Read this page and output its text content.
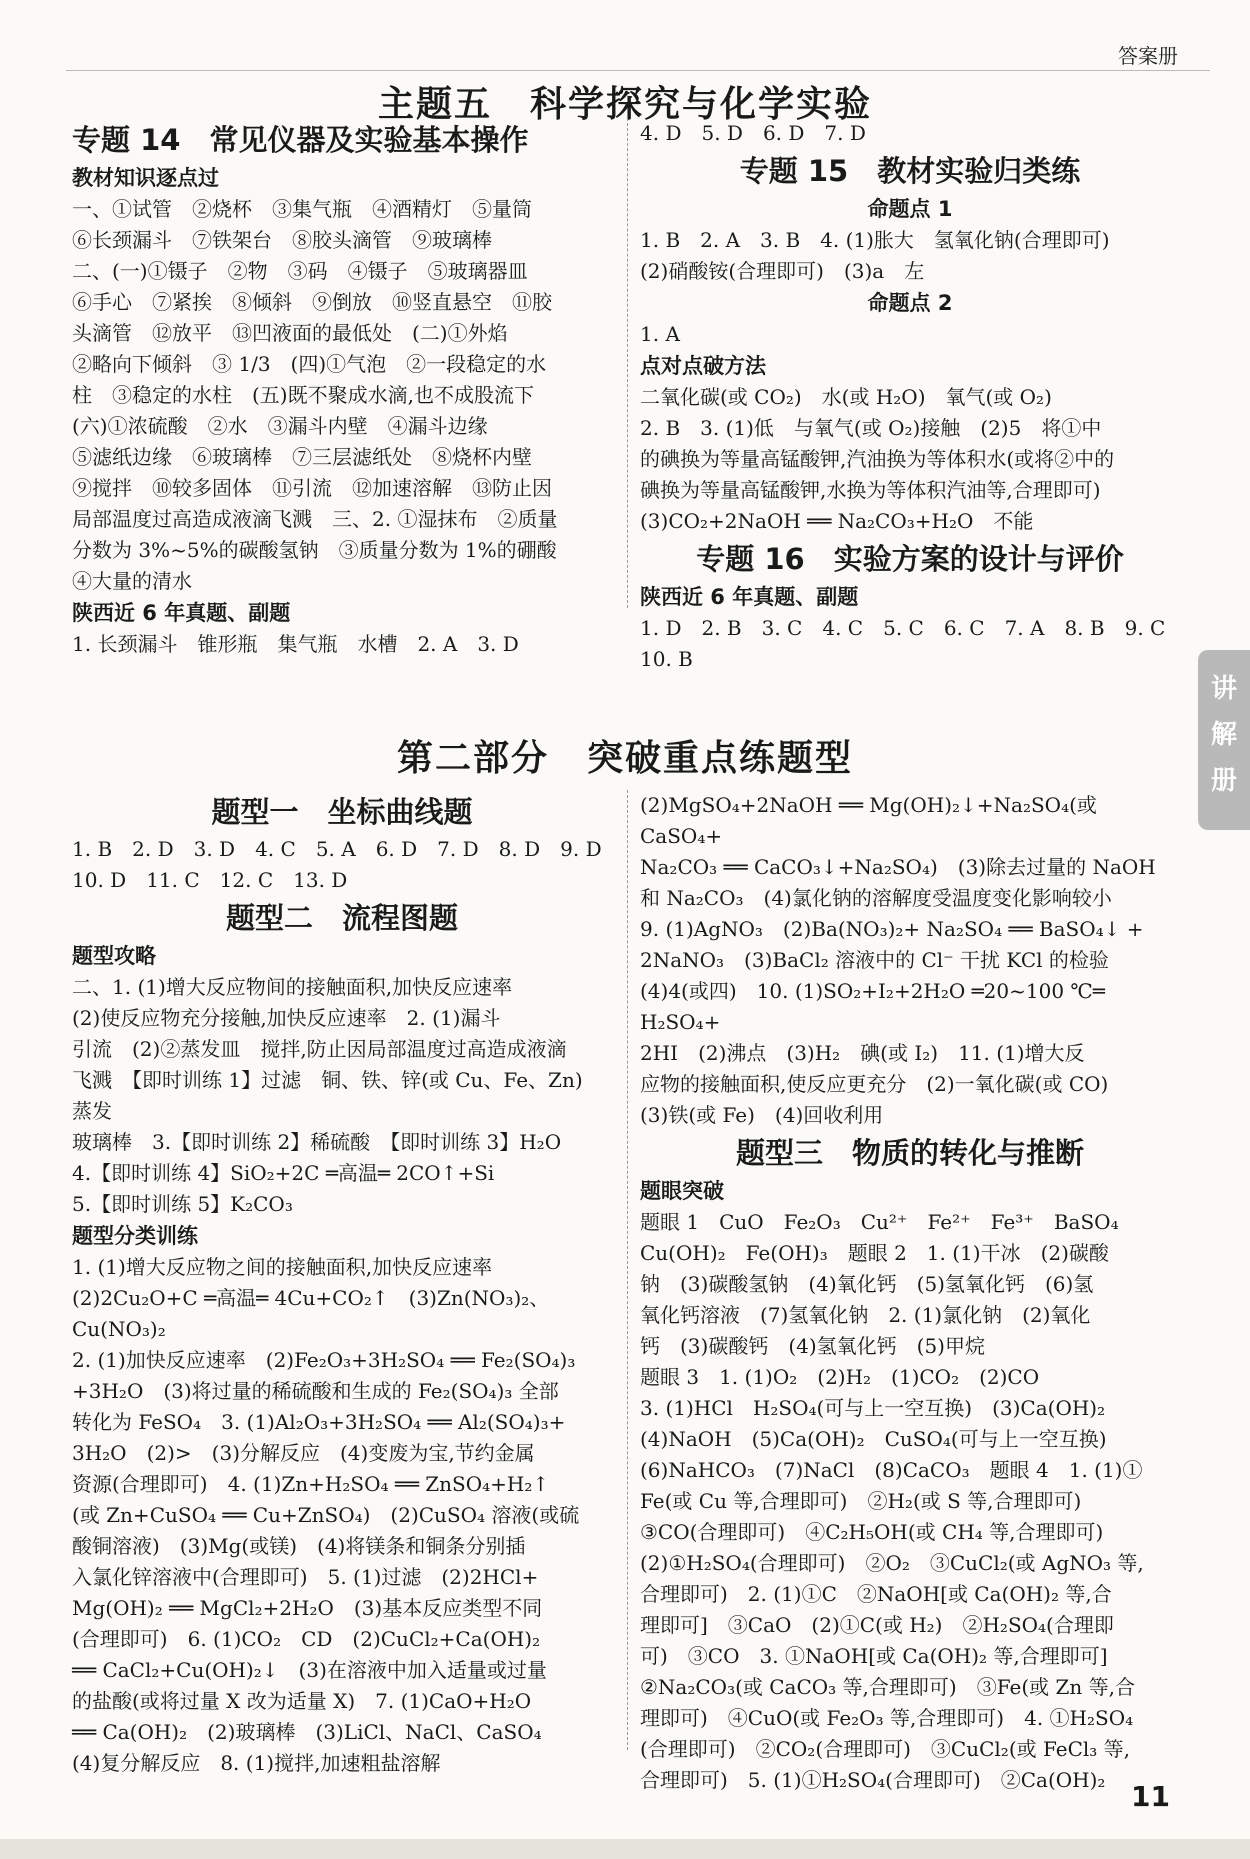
答案册
主题五　科学探究与化学实验

专题 14　常见仪器及实验基本操作

教材知识逐点过

一、①试管　②烧杯　③集气瓶　④酒精灯　⑤量筒

⑥长颈漏斗　⑦铁架台　⑧胶头滴管　⑨玻璃棒

二、(一)①镊子　②物　③码　④镊子　⑤玻璃器皿

⑥手心　⑦紧挨　⑧倾斜　⑨倒放　⑩竖直悬空　⑪胶

头滴管　⑫放平　⑬凹液面的最低处　(二)①外焰

②略向下倾斜　③ 1/3　(四)①气泡　②一段稳定的水

柱　③稳定的水柱　(五)既不聚成水滴,也不成股流下

(六)①浓硫酸　②水　③漏斗内壁　④漏斗边缘

⑤滤纸边缘　⑥玻璃棒　⑦三层滤纸处　⑧烧杯内壁

⑨搅拌　⑩较多固体　⑪引流　⑫加速溶解　⑬防止因

局部温度过高造成液滴飞溅　三、2. ①湿抹布　②质量

分数为 3%~5%的碳酸氢钠　③质量分数为 1%的硼酸

④大量的清水

陕西近 6 年真题、副题

1. 长颈漏斗　锥形瓶　集气瓶　水槽　2. A　3. D

4. D　5. D　6. D　7. D

专题 15　教材实验归类练

命题点 1

1. B　2. A　3. B　4. (1)胀大　氢氧化钠(合理即可)

(2)硝酸铵(合理即可)　(3)a　左

命题点 2

1. A

点对点破方法

二氧化碳(或 CO₂)　水(或 H₂O)　氧气(或 O₂)

2. B　3. (1)低　与氧气(或 O₂)接触　(2)5　将①中

的碘换为等量高锰酸钾,汽油换为等体积水(或将②中的

碘换为等量高锰酸钾,水换为等体积汽油等,合理即可)

(3)CO₂+2NaOH ══ Na₂CO₃+H₂O　不能

专题 16　实验方案的设计与评价

陕西近 6 年真题、副题

1. D　2. B　3. C　4. C　5. C　6. C　7. A　8. B　9. C

10. B

第二部分　突破重点练题型

题型一　坐标曲线题

1. B　2. D　3. D　4. C　5. A　6. D　7. D　8. D　9. D

10. D　11. C　12. C　13. D

题型二　流程图题

题型攻略

二、1. (1)增大反应物间的接触面积,加快反应速率

(2)使反应物充分接触,加快反应速率　2. (1)漏斗

引流　(2)②蒸发皿　搅拌,防止因局部温度过高造成液滴

飞溅　【即时训练 1】过滤　铜、铁、锌(或 Cu、Fe、Zn)　蒸发

玻璃棒　3.【即时训练 2】稀硫酸　【即时训练 3】H₂O

4.【即时训练 4】SiO₂+2C ═高温═ 2CO↑+Si

5.【即时训练 5】K₂CO₃

题型分类训练

1. (1)增大反应物之间的接触面积,加快反应速率

(2)2Cu₂O+C ═高温═ 4Cu+CO₂↑　(3)Zn(NO₃)₂、Cu(NO₃)₂

2. (1)加快反应速率　(2)Fe₂O₃+3H₂SO₄ ══ Fe₂(SO₄)₃

+3H₂O　(3)将过量的稀硫酸和生成的 Fe₂(SO₄)₃ 全部

转化为 FeSO₄　3. (1)Al₂O₃+3H₂SO₄ ══ Al₂(SO₄)₃+

3H₂O　(2)>　(3)分解反应　(4)变废为宝,节约金属

资源(合理即可)　4. (1)Zn+H₂SO₄ ══ ZnSO₄+H₂↑

(或 Zn+CuSO₄ ══ Cu+ZnSO₄)　(2)CuSO₄ 溶液(或硫

酸铜溶液)　(3)Mg(或镁)　(4)将镁条和铜条分别插

入氯化锌溶液中(合理即可)　5. (1)过滤　(2)2HCl+

Mg(OH)₂ ══ MgCl₂+2H₂O　(3)基本反应类型不同

(合理即可)　6. (1)CO₂　CD　(2)CuCl₂+Ca(OH)₂

══ CaCl₂+Cu(OH)₂↓　(3)在溶液中加入适量或过量

的盐酸(或将过量 X 改为适量 X)　7. (1)CaO+H₂O

══ Ca(OH)₂　(2)玻璃棒　(3)LiCl、NaCl、CaSO₄

(4)复分解反应　8. (1)搅拌,加速粗盐溶解

(2)MgSO₄+2NaOH ══ Mg(OH)₂↓+Na₂SO₄(或 CaSO₄+

Na₂CO₃ ══ CaCO₃↓+Na₂SO₄)　(3)除去过量的 NaOH

和 Na₂CO₃　(4)氯化钠的溶解度受温度变化影响较小

9. (1)AgNO₃　(2)Ba(NO₃)₂+ Na₂SO₄ ══ BaSO₄↓ +

2NaNO₃　(3)BaCl₂ 溶液中的 Cl⁻ 干扰 KCl 的检验

(4)4(或四)　10. (1)SO₂+I₂+2H₂O ═20~100 ℃═ H₂SO₄+

2HI　(2)沸点　(3)H₂　碘(或 I₂)　11. (1)增大反

应物的接触面积,使反应更充分　(2)一氧化碳(或 CO)

(3)铁(或 Fe)　(4)回收利用

题型三　物质的转化与推断

题眼突破

题眼 1　CuO　Fe₂O₃　Cu²⁺　Fe²⁺　Fe³⁺　BaSO₄

Cu(OH)₂　Fe(OH)₃　题眼 2　1. (1)干冰　(2)碳酸

钠　(3)碳酸氢钠　(4)氧化钙　(5)氢氧化钙　(6)氢

氧化钙溶液　(7)氢氧化钠　2. (1)氯化钠　(2)氧化

钙　(3)碳酸钙　(4)氢氧化钙　(5)甲烷

题眼 3　1. (1)O₂　(2)H₂　(1)CO₂　(2)CO

3. (1)HCl　H₂SO₄(可与上一空互换)　(3)Ca(OH)₂

(4)NaOH　(5)Ca(OH)₂　CuSO₄(可与上一空互换)

(6)NaHCO₃　(7)NaCl　(8)CaCO₃　题眼 4　1. (1)①

Fe(或 Cu 等,合理即可)　②H₂(或 S 等,合理即可)

③CO(合理即可)　④C₂H₅OH(或 CH₄ 等,合理即可)

(2)①H₂SO₄(合理即可)　②O₂　③CuCl₂(或 AgNO₃ 等,

合理即可)　2. (1)①C　②NaOH[或 Ca(OH)₂ 等,合

理即可]　③CaO　(2)①C(或 H₂)　②H₂SO₄(合理即

可)　③CO　3. ①NaOH[或 Ca(OH)₂ 等,合理即可]

②Na₂CO₃(或 CaCO₃ 等,合理即可)　③Fe(或 Zn 等,合

理即可)　④CuO(或 Fe₂O₃ 等,合理即可)　4. ①H₂SO₄

(合理即可)　②CO₂(合理即可)　③CuCl₂(或 FeCl₃ 等,

合理即可)　5. (1)①H₂SO₄(合理即可)　②Ca(OH)₂

讲解册
11
